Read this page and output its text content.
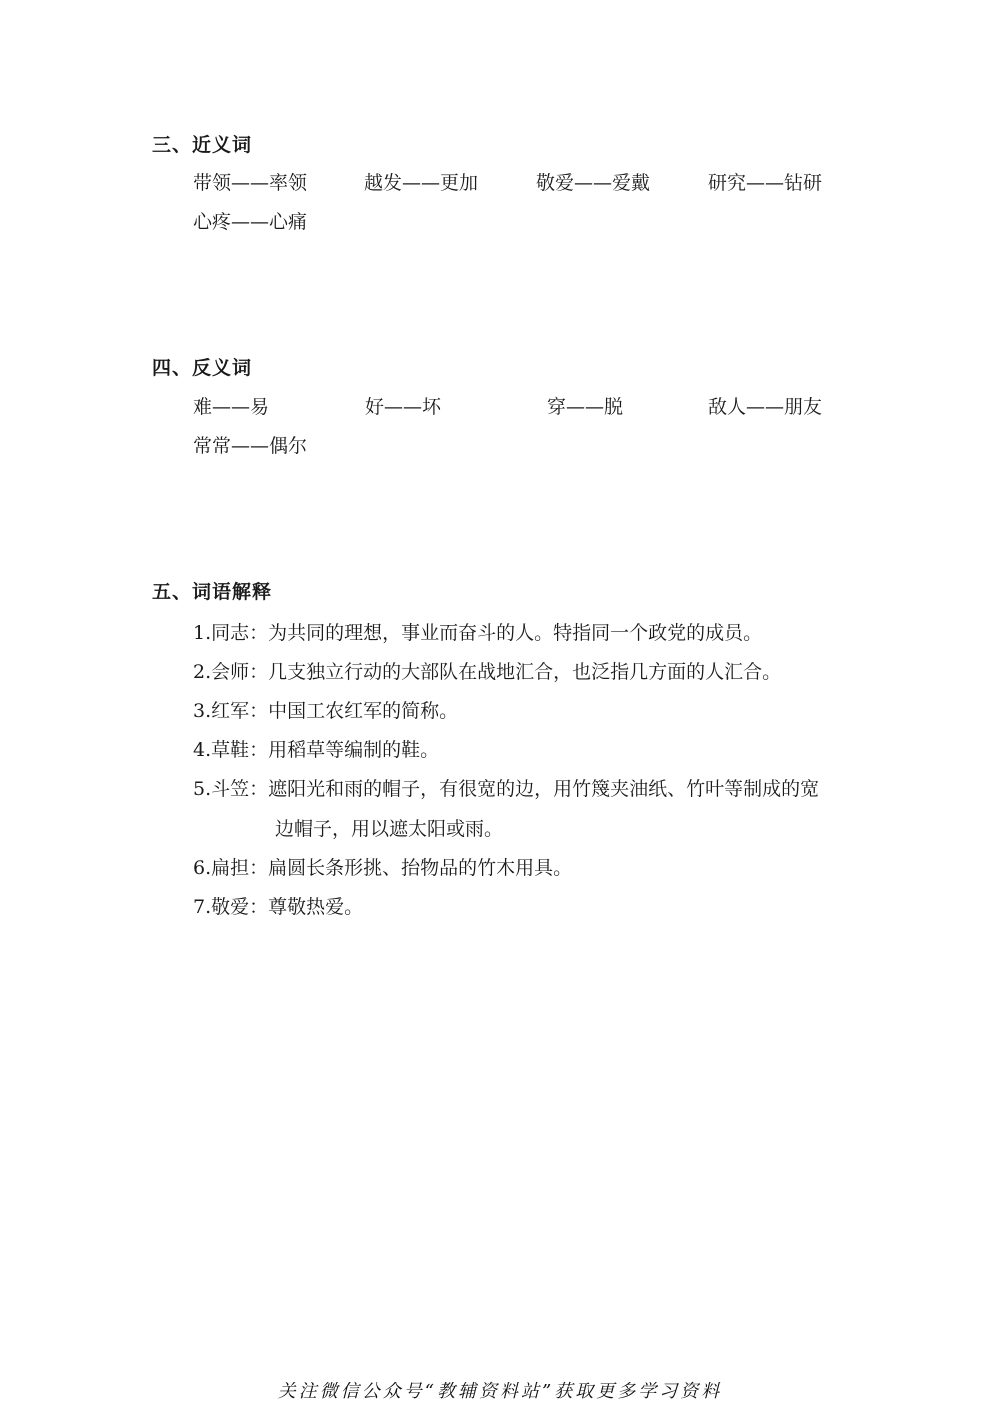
三、近义词
带领——率领	越发——更加	敬爱——爱戴	研究——钻研
心疼——心痛
四、反义词
难——易	好——坏	穿——脱	敌人——朋友
常常——偶尔
五、词语解释
1.同志：为共同的理想，事业而奋斗的人。特指同一个政党的成员。
2.会师：几支独立行动的大部队在战地汇合，也泛指几方面的人汇合。
3.红军：中国工农红军的简称。
4.草鞋：用稻草等编制的鞋。
5.斗笠：遮阳光和雨的帽子，有很宽的边，用竹篾夹油纸、竹叶等制成的宽
边帽子，用以遮太阳或雨。
6.扁担：扁圆长条形挑、抬物品的竹木用具。
7.敬爱：尊敬热爱。
关注微信公众号“教辅资料站”获取更多学习资料
